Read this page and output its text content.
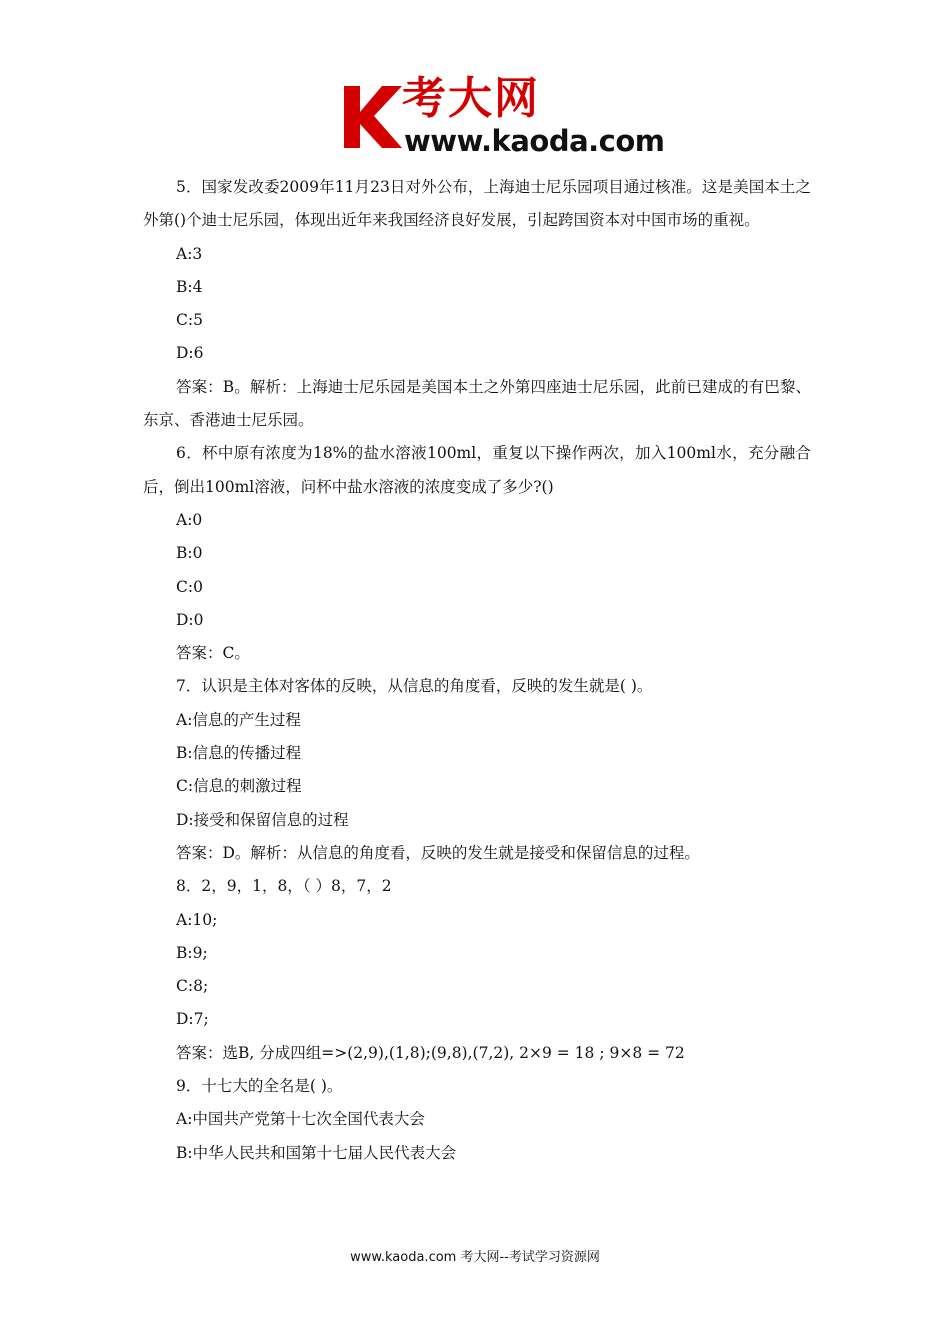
考大网
www.kaoda.com

5．国家发改委2009年11月23日对外公布，上海迪士尼乐园项目通过核准。这是美国本土之外第()个迪士尼乐园，体现出近年来我国经济良好发展，引起跨国资本对中国市场的重视。

A:3

B:4

C:5

D:6

答案：B。解析：上海迪士尼乐园是美国本土之外第四座迪士尼乐园，此前已建成的有巴黎、东京、香港迪士尼乐园。

6．杯中原有浓度为18%的盐水溶液100ml，重复以下操作两次，加入100ml水，充分融合后，倒出100ml溶液，问杯中盐水溶液的浓度变成了多少?()

A:0

B:0

C:0

D:0

答案：C。

7．认识是主体对客体的反映，从信息的角度看，反映的发生就是( )。

A:信息的产生过程

B:信息的传播过程

C:信息的刺激过程

D:接受和保留信息的过程

答案：D。解析：从信息的角度看，反映的发生就是接受和保留信息的过程。

8．2，9，1，8，（ ）8，7，2

A:10;

B:9;

C:8;

D:7;

答案：选B, 分成四组=>(2,9),(1,8);(9,8),(7,2), 2×9 = 18 ; 9×8 = 72

9．十七大的全名是( )。

A:中国共产党第十七次全国代表大会

B:中华人民共和国第十七届人民代表大会

www.kaoda.com 考大网--考试学习资源网
